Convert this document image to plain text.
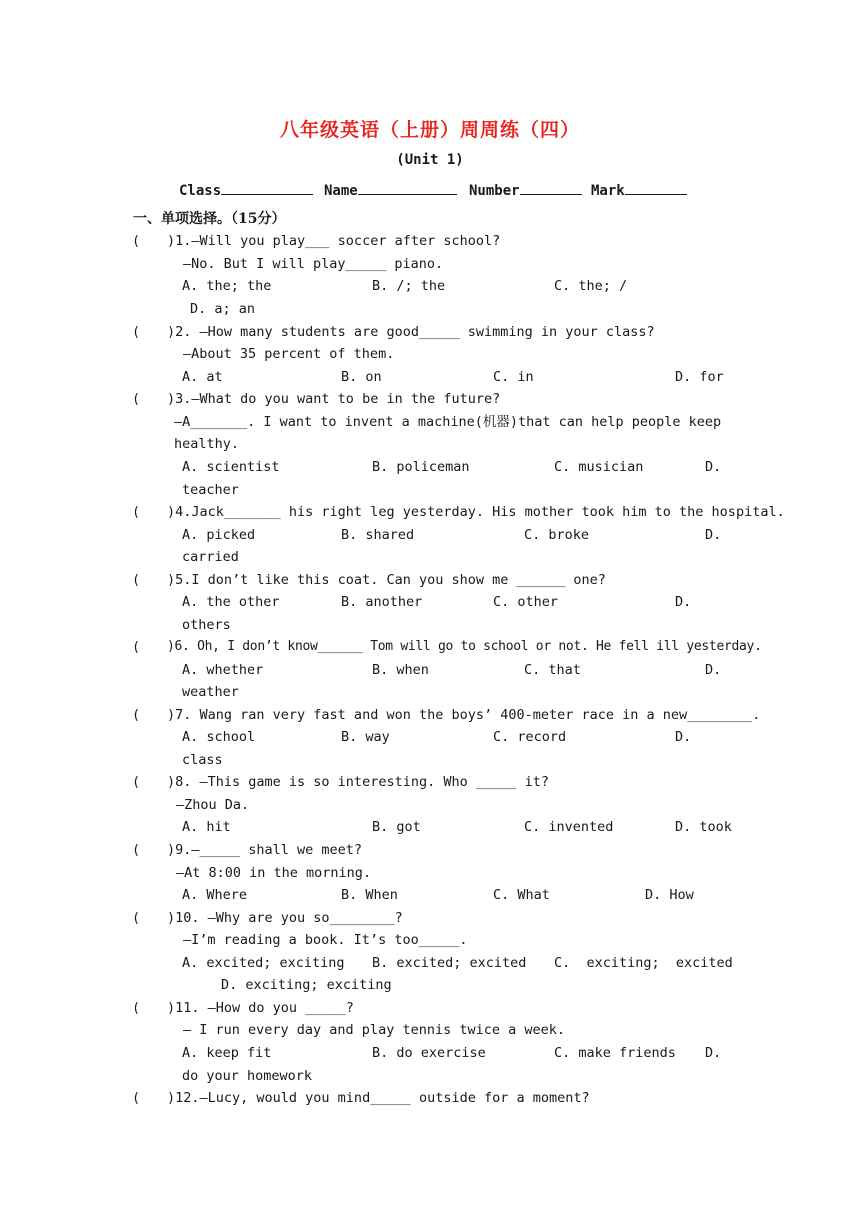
八年级英语（上册）周周练（四）
(Unit 1)
Class	Name	Number	Mark
一、单项选择。（15分）
( )1.—Will you play___ soccer after school?
—No. But I will play_____ piano.
A. the; the	B. /; the	C. the; /
D. a; an
( )2. —How many students are good_____ swimming in your class?
—About 35 percent of them.
A. at	B. on	C. in	D. for
( )3.—What do you want to be in the future?
—A_______. I want to invent a machine(机器)that can help people keep
healthy.
A. scientist	B. policeman	C. musician	D.
teacher
( )4.Jack_______ his right leg yesterday. His mother took him to the hospital.
A. picked	B. shared	C. broke	D.
carried
( )5.I don’t like this coat. Can you show me ______ one?
A. the other	B. another	C. other	D.
others
( )6. Oh, I don’t know______ Tom will go to school or not. He fell ill yesterday.
A. whether	B. when	C. that	D.
weather
( )7. Wang ran very fast and won the boys’ 400-meter race in a new________.
A. school	B. way	C. record	D.
class
( )8. —This game is so interesting. Who _____ it?
—Zhou Da.
A. hit	B. got	C. invented	D. took
( )9.—_____ shall we meet?
—At 8:00 in the morning.
A. Where	B. When	C. What	D. How
( )10. —Why are you so________?
—I’m reading a book. It’s too_____.
A. excited; exciting B. excited; excited C.  exciting;  excited
D. exciting; exciting
( )11. —How do you _____?
— I run every day and play tennis twice a week.
A. keep fit	B. do exercise	C. make friends D.
do your homework
( )12.—Lucy, would you mind_____ outside for a moment?
